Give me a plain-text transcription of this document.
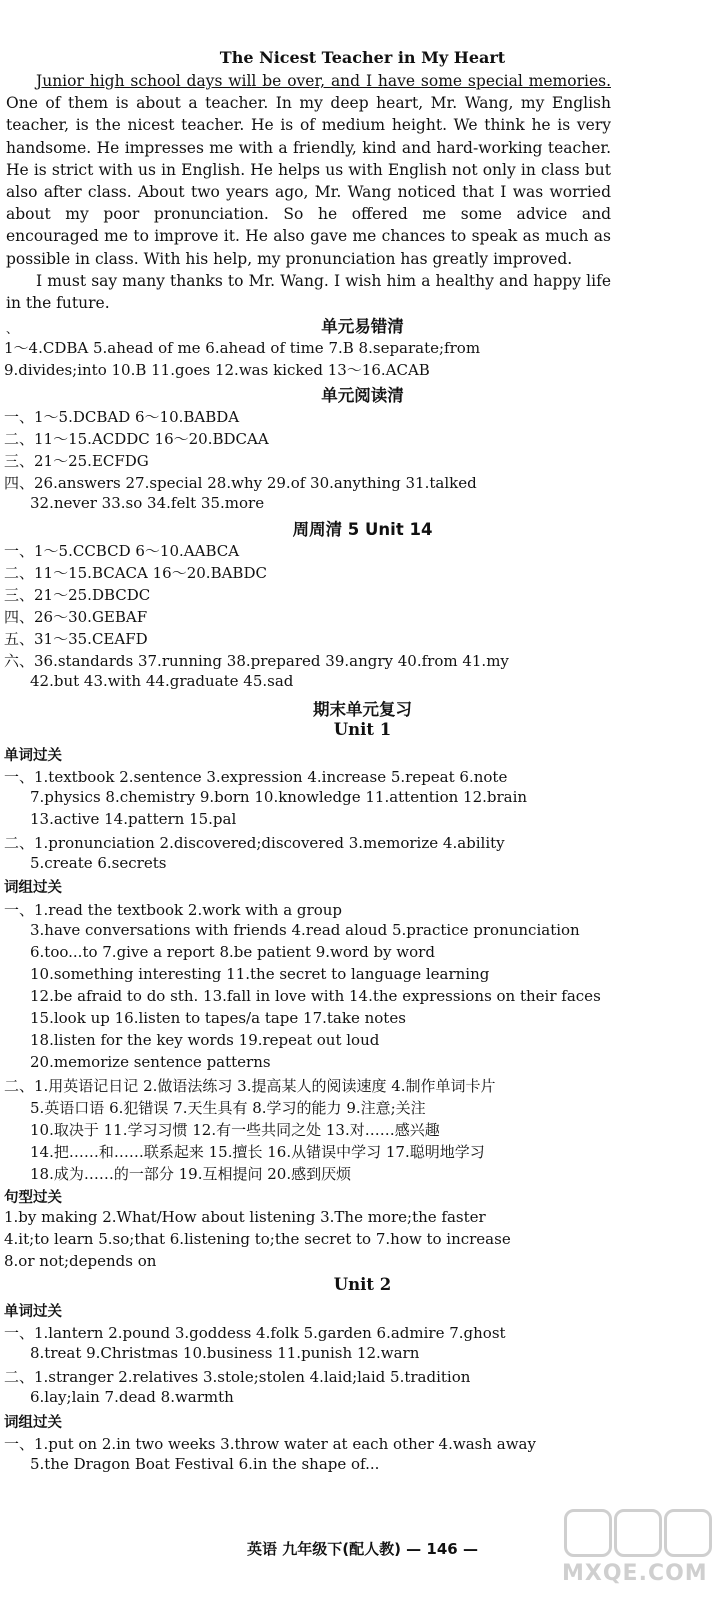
The Nicest Teacher in My Heart

Junior high school days will be over, and I have some special memories. One of them is about a teacher. In my deep heart, Mr. Wang, my English teacher, is the nicest teacher. He is of medium height. We think he is very handsome. He impresses me with a friendly, kind and hard-working teacher. He is strict with us in English. He helps us with English not only in class but also after class. About two years ago, Mr. Wang noticed that I was worried about my poor pronunciation. So he offered me some advice and encouraged me to improve it. He also gave me chances to speak as much as possible in class. With his help, my pronunciation has greatly improved.

I must say many thanks to Mr. Wang. I wish him a healthy and happy life in the future.

、	单元易错清
1～4.CDBA 5.ahead of me 6.ahead of time 7.B 8.separate;from
9.divides;into 10.B 11.goes 12.was kicked 13～16.ACAB
单元阅读清
一、1～5.DCBAD 6～10.BABDA
二、11～15.ACDDC 16～20.BDCAA
三、21～25.ECFDG
四、26.answers 27.special 28.why 29.of 30.anything 31.talked
32.never 33.so 34.felt 35.more
周周清 5 Unit 14
一、1～5.CCBCD 6～10.AABCA
二、11～15.BCACA 16～20.BABDC
三、21～25.DBCDC
四、26～30.GEBAF
五、31～35.CEAFD
六、36.standards 37.running 38.prepared 39.angry 40.from 41.my
42.but 43.with 44.graduate 45.sad
期末单元复习
Unit 1
单词过关
一、1.textbook 2.sentence 3.expression 4.increase 5.repeat 6.note
7.physics 8.chemistry 9.born 10.knowledge 11.attention 12.brain
13.active 14.pattern 15.pal
二、1.pronunciation 2.discovered;discovered 3.memorize 4.ability
5.create 6.secrets
词组过关
一、1.read the textbook 2.work with a group
3.have conversations with friends 4.read aloud 5.practice pronunciation
6.too...to 7.give a report 8.be patient 9.word by word
10.something interesting 11.the secret to language learning
12.be afraid to do sth. 13.fall in love with 14.the expressions on their faces
15.look up 16.listen to tapes/a tape 17.take notes
18.listen for the key words 19.repeat out loud
20.memorize sentence patterns
二、1.用英语记日记 2.做语法练习 3.提高某人的阅读速度 4.制作单词卡片
5.英语口语 6.犯错误 7.天生具有 8.学习的能力 9.注意;关注
10.取决于 11.学习习惯 12.有一些共同之处 13.对……感兴趣
14.把……和……联系起来 15.擅长 16.从错误中学习 17.聪明地学习
18.成为……的一部分 19.互相提问 20.感到厌烦
句型过关
1.by making 2.What/How about listening 3.The more;the faster
4.it;to learn 5.so;that 6.listening to;the secret to 7.how to increase
8.or not;depends on
Unit 2
单词过关
一、1.lantern 2.pound 3.goddess 4.folk 5.garden 6.admire 7.ghost
8.treat 9.Christmas 10.business 11.punish 12.warn
二、1.stranger 2.relatives 3.stole;stolen 4.laid;laid 5.tradition
6.lay;lain 7.dead 8.warmth
词组过关
一、1.put on 2.in two weeks 3.throw water at each other 4.wash away
5.the Dragon Boat Festival 6.in the shape of...
英语 九年级下(配人教) — 146 —
MXQE.COM
